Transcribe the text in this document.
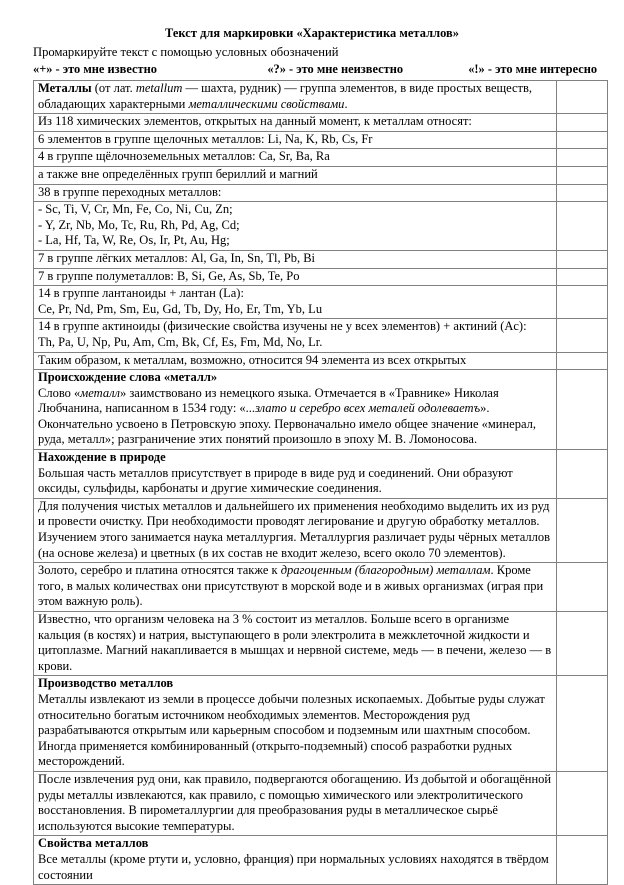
Текст для маркировки «Характеристика металлов»
Промаркируйте текст с помощью условных обозначений
«+» - это мне известно	«?» - это мне неизвестно	«!» - это мне интересно

Металлы (от лат. metallum — шахта, рудник) — группа элементов, в виде простых веществ, обладающих характерными металлическими свойствами.	

Из 118 химических элементов, открытых на данный момент, к металлам относят:	

6 элементов в группе щелочных металлов: Li, Na, K, Rb, Cs, Fr	

4 в группе щёлочноземельных металлов: Ca, Sr, Ba, Ra	

а также вне определённых групп бериллий и магний	

38 в группе переходных металлов:	

- Sc, Ti, V, Cr, Mn, Fe, Co, Ni, Cu, Zn;
- Y, Zr, Nb, Mo, Tc, Ru, Rh, Pd, Ag, Cd;
- La, Hf, Ta, W, Re, Os, Ir, Pt, Au, Hg;	

7 в группе лёгких металлов: Al, Ga, In, Sn, Tl, Pb, Bi	

7 в группе полуметаллов: B, Si, Ge, As, Sb, Te, Po	

14 в группе лантаноиды + лантан (La):
Ce, Pr, Nd, Pm, Sm, Eu, Gd, Tb, Dy, Ho, Er, Tm, Yb, Lu	

14 в группе актиноиды (физические свойства изучены не у всех элементов) + актиний (Ac):
Th, Pa, U, Np, Pu, Am, Cm, Bk, Cf, Es, Fm, Md, No, Lr.	

Таким образом, к металлам, возможно, относится 94 элемента из всех открытых	

Происхождение слова «металл»
Слово «металл» заимствовано из немецкого языка. Отмечается в «Травнике» Николая Любчанина, написанном в 1534 году: «...злато и серебро всех металей одолеваетъ». Окончательно усвоено в Петровскую эпоху. Первоначально имело общее значение «минерал, руда, металл»; разграничение этих понятий произошло в эпоху М. В. Ломоносова.	

Нахождение в природе
Большая часть металлов присутствует в природе в виде руд и соединений. Они образуют оксиды, сульфиды, карбонаты и другие химические соединения.	

Для получения чистых металлов и дальнейшего их применения необходимо выделить их из руд и провести очистку. При необходимости проводят легирование и другую обработку металлов. Изучением этого занимается наука металлургия. Металлургия различает руды чёрных металлов (на основе железа) и цветных (в их состав не входит железо, всего около 70 элементов).	

Золото, серебро и платина относятся также к драгоценным (благородным) металлам. Кроме того, в малых количествах они присутствуют в морской воде и в живых организмах (играя при этом важную роль).	

Известно, что организм человека на 3 % состоит из металлов. Больше всего в организме кальция (в костях) и натрия, выступающего в роли электролита в межклеточной жидкости и цитоплазме. Магний накапливается в мышцах и нервной системе, медь — в печени, железо — в крови.	

Производство металлов
Металлы извлекают из земли в процессе добычи полезных ископаемых. Добытые руды служат относительно богатым источником необходимых элементов. Месторождения руд разрабатываются открытым или карьерным способом и подземным или шахтным способом. Иногда применяется комбинированный (открыто-подземный) способ разработки рудных месторождений.	

После извлечения руд они, как правило, подвергаются обогащению. Из добытой и обогащённой руды металлы извлекаются, как правило, с помощью химического или электролитического восстановления. В пирометаллургии для преобразования руды в металлическое сырьё используются высокие температуры.	

Свойства металлов
Все металлы (кроме ртути и, условно, франция) при нормальных условиях находятся в твёрдом состоянии	
